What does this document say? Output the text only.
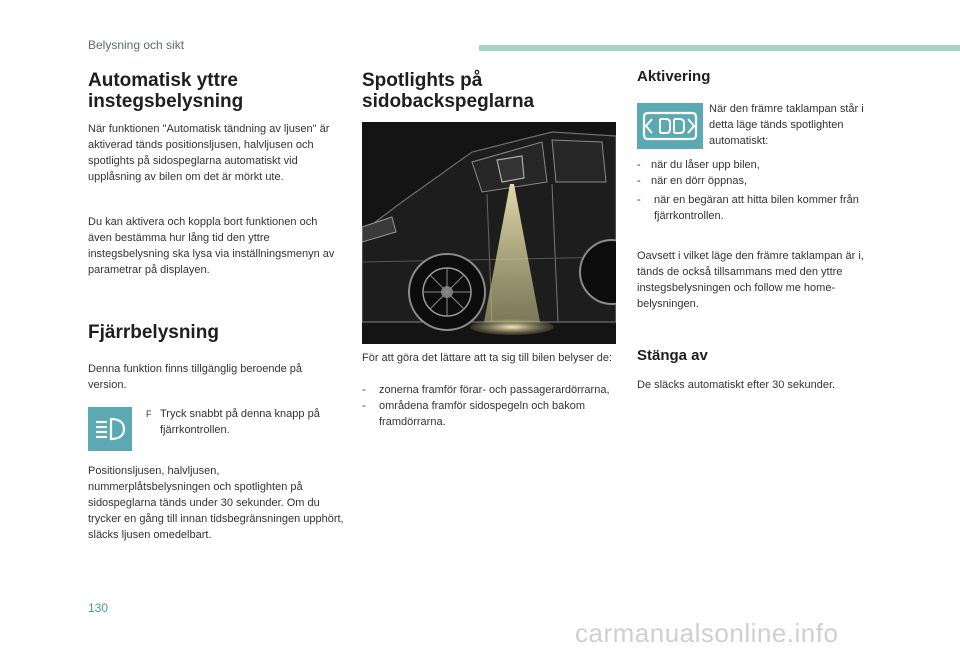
Belysning och sikt
Automatisk yttre instegsbelysning

När funktionen "Automatisk tändning av ljusen" är aktiverad tänds positionsljusen, halvljusen och spotlights på sidospeglarna automatiskt vid upplåsning av bilen om det är mörkt ute.

Du kan aktivera och koppla bort funktionen och även bestämma hur lång tid den yttre instegsbelysning ska lysa via inställningsmenyn av parametrar på displayen.

Fjärrbelysning

Denna funktion finns tillgänglig beroende på version.

F Tryck snabbt på denna knapp på fjärrkontrollen.

Positionsljusen, halvljusen, nummerplåtsbelysningen och spotlighten på sidospeglarna tänds under 30 sekunder. Om du trycker en gång till innan tidsbegränsningen upphört, släcks ljusen omedelbart.

Spotlights på sidobackspeglarna

För att göra det lättare att ta sig till bilen belyser de:

- zonerna framför förar- och passagerardörrarna,
- områdena framför sidospegeln och bakom framdörrarna.
Aktivering

När den främre taklampan står i detta läge tänds spotlighten automatiskt:

- när du låser upp bilen,
- när en dörr öppnas,
- när en begäran att hitta bilen kommer från fjärrkontrollen.

Oavsett i vilket läge den främre taklampan är i, tänds de också tillsammans med den yttre instegsbelysningen och follow me home-belysningen.

Stänga av

De släcks automatiskt efter 30 sekunder.

130
carmanualsonline.info
